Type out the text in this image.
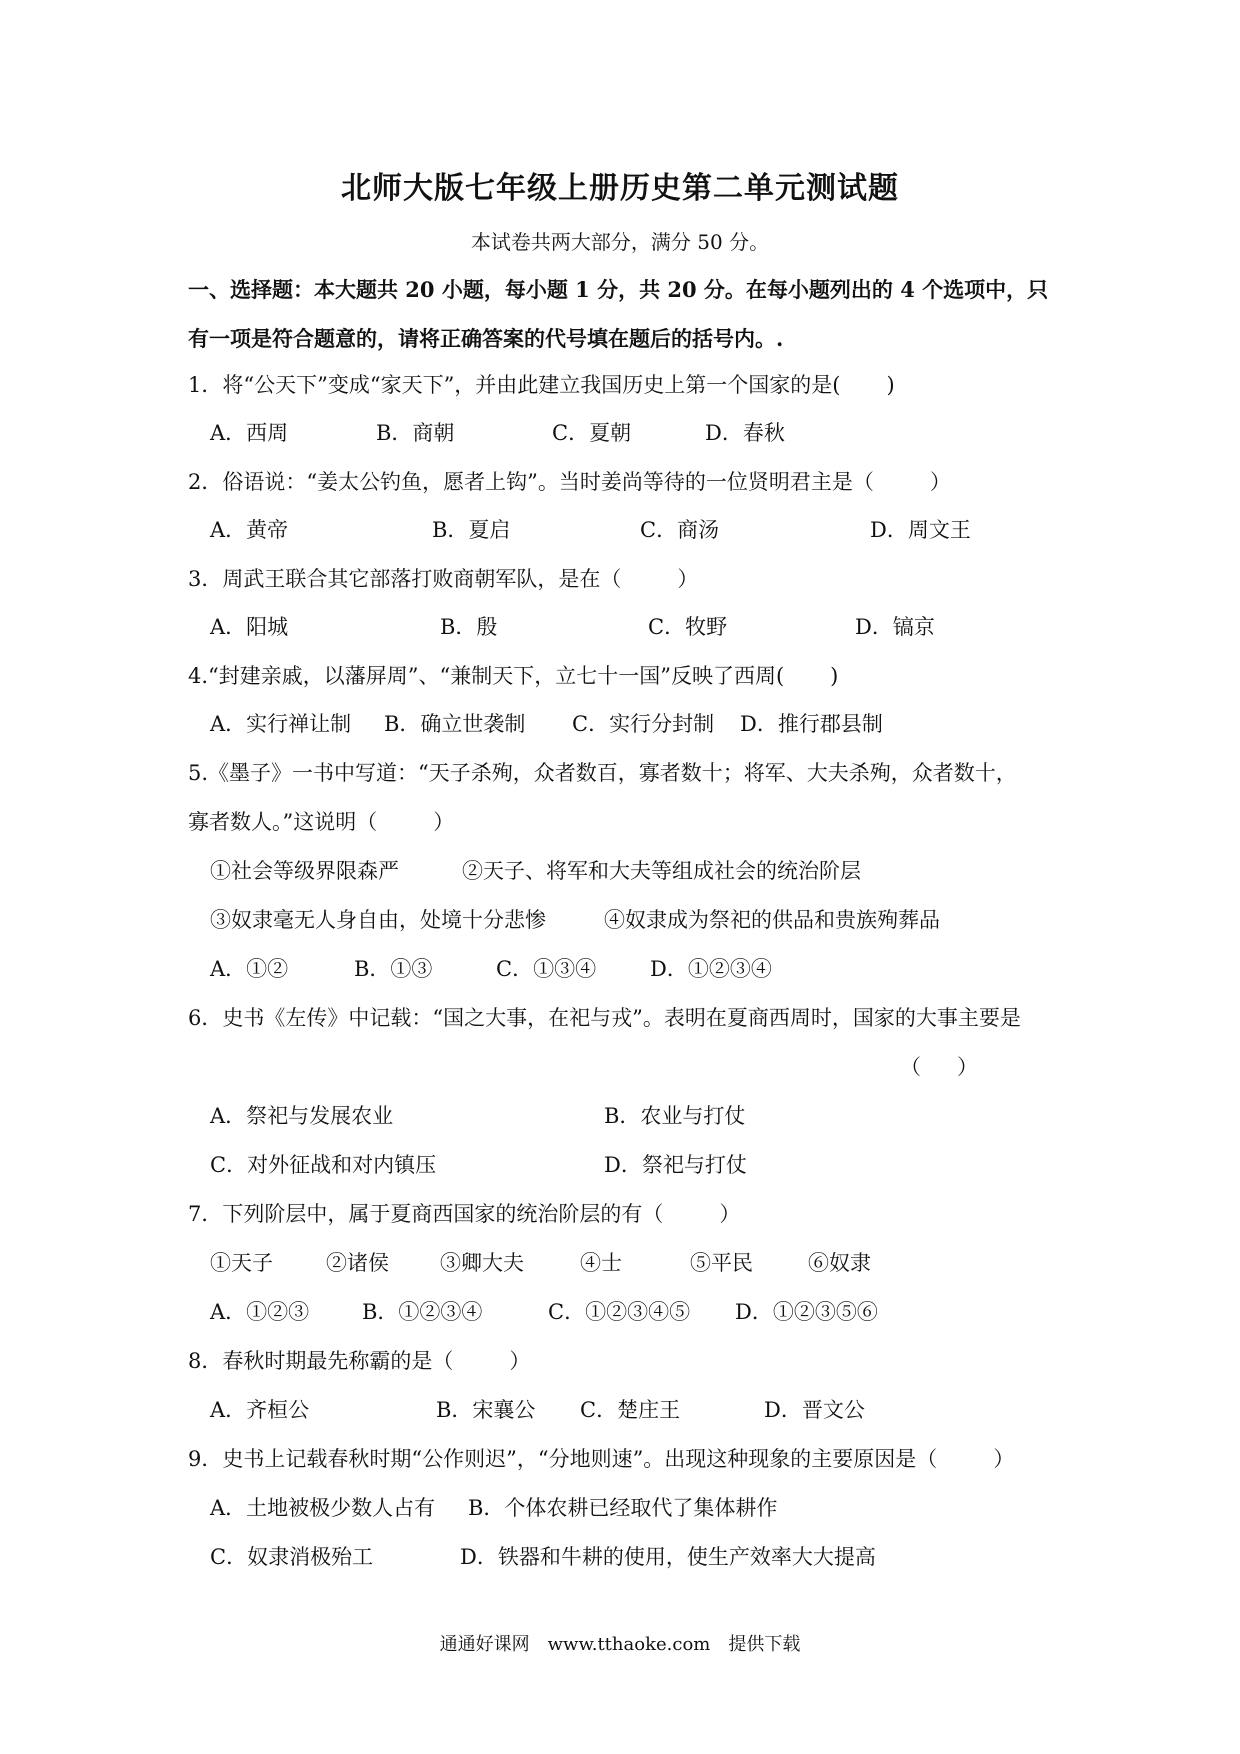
北师大版七年级上册历史第二单元测试题
本试卷共两大部分，满分 50 分。
一、选择题：本大题共 20 小题，每小题 1 分，共 20 分。在每小题列出的 4 个选项中，只
有一项是符合题意的，请将正确答案的代号填在题后的括号内。.
1．将“公天下”变成“家天下”，并由此建立我国历史上第一个国家的是( )
A．西周	B．商朝	C．夏朝	D．春秋
2．俗语说：“姜太公钓鱼，愿者上钩”。当时姜尚等待的一位贤明君主是（	）
A．黄帝	B．夏启	C．商汤	D．周文王
3．周武王联合其它部落打败商朝军队，是在（	）
A．阳城	B．殷	C．牧野	D．镐京
4.“封建亲戚，以藩屏周”、“兼制天下，立七十一国”反映了西周( )
A．实行禅让制 B．确立世袭制 C．实行分封制 D．推行郡县制
5.《墨子》一书中写道：“天子杀殉，众者数百，寡者数十；将军、大夫杀殉，众者数十，
寡者数人。”这说明（	）
①社会等级界限森严	②天子、将军和大夫等组成社会的统治阶层
③奴隶毫无人身自由，处境十分悲惨	④奴隶成为祭祀的供品和贵族殉葬品
A．①②	B．①③	C．①③④	D．①②③④
6．史书《左传》中记载：“国之大事，在祀与戎”。表明在夏商西周时，国家的大事主要是
（ ）
A．祭祀与发展农业	B．农业与打仗
C．对外征战和对内镇压	D．祭祀与打仗
7．下列阶层中，属于夏商西国家的统治阶层的有（	）
①天子	②诸侯 ③卿大夫	④士	⑤平民	⑥奴隶
A．①②③	B．①②③④	C．①②③④⑤ D．①②③⑤⑥
8．春秋时期最先称霸的是（	）
A．齐桓公	B．宋襄公 C．楚庄王	D．晋文公
9．史书上记载春秋时期“公作则迟”，“分地则速”。出现这种现象的主要原因是（	）
A．土地被极少数人占有 B．个体农耕已经取代了集体耕作
C．奴隶消极殆工	D．铁器和牛耕的使用，使生产效率大大提高
通通好课网　www.tthaoke.com　提供下载
